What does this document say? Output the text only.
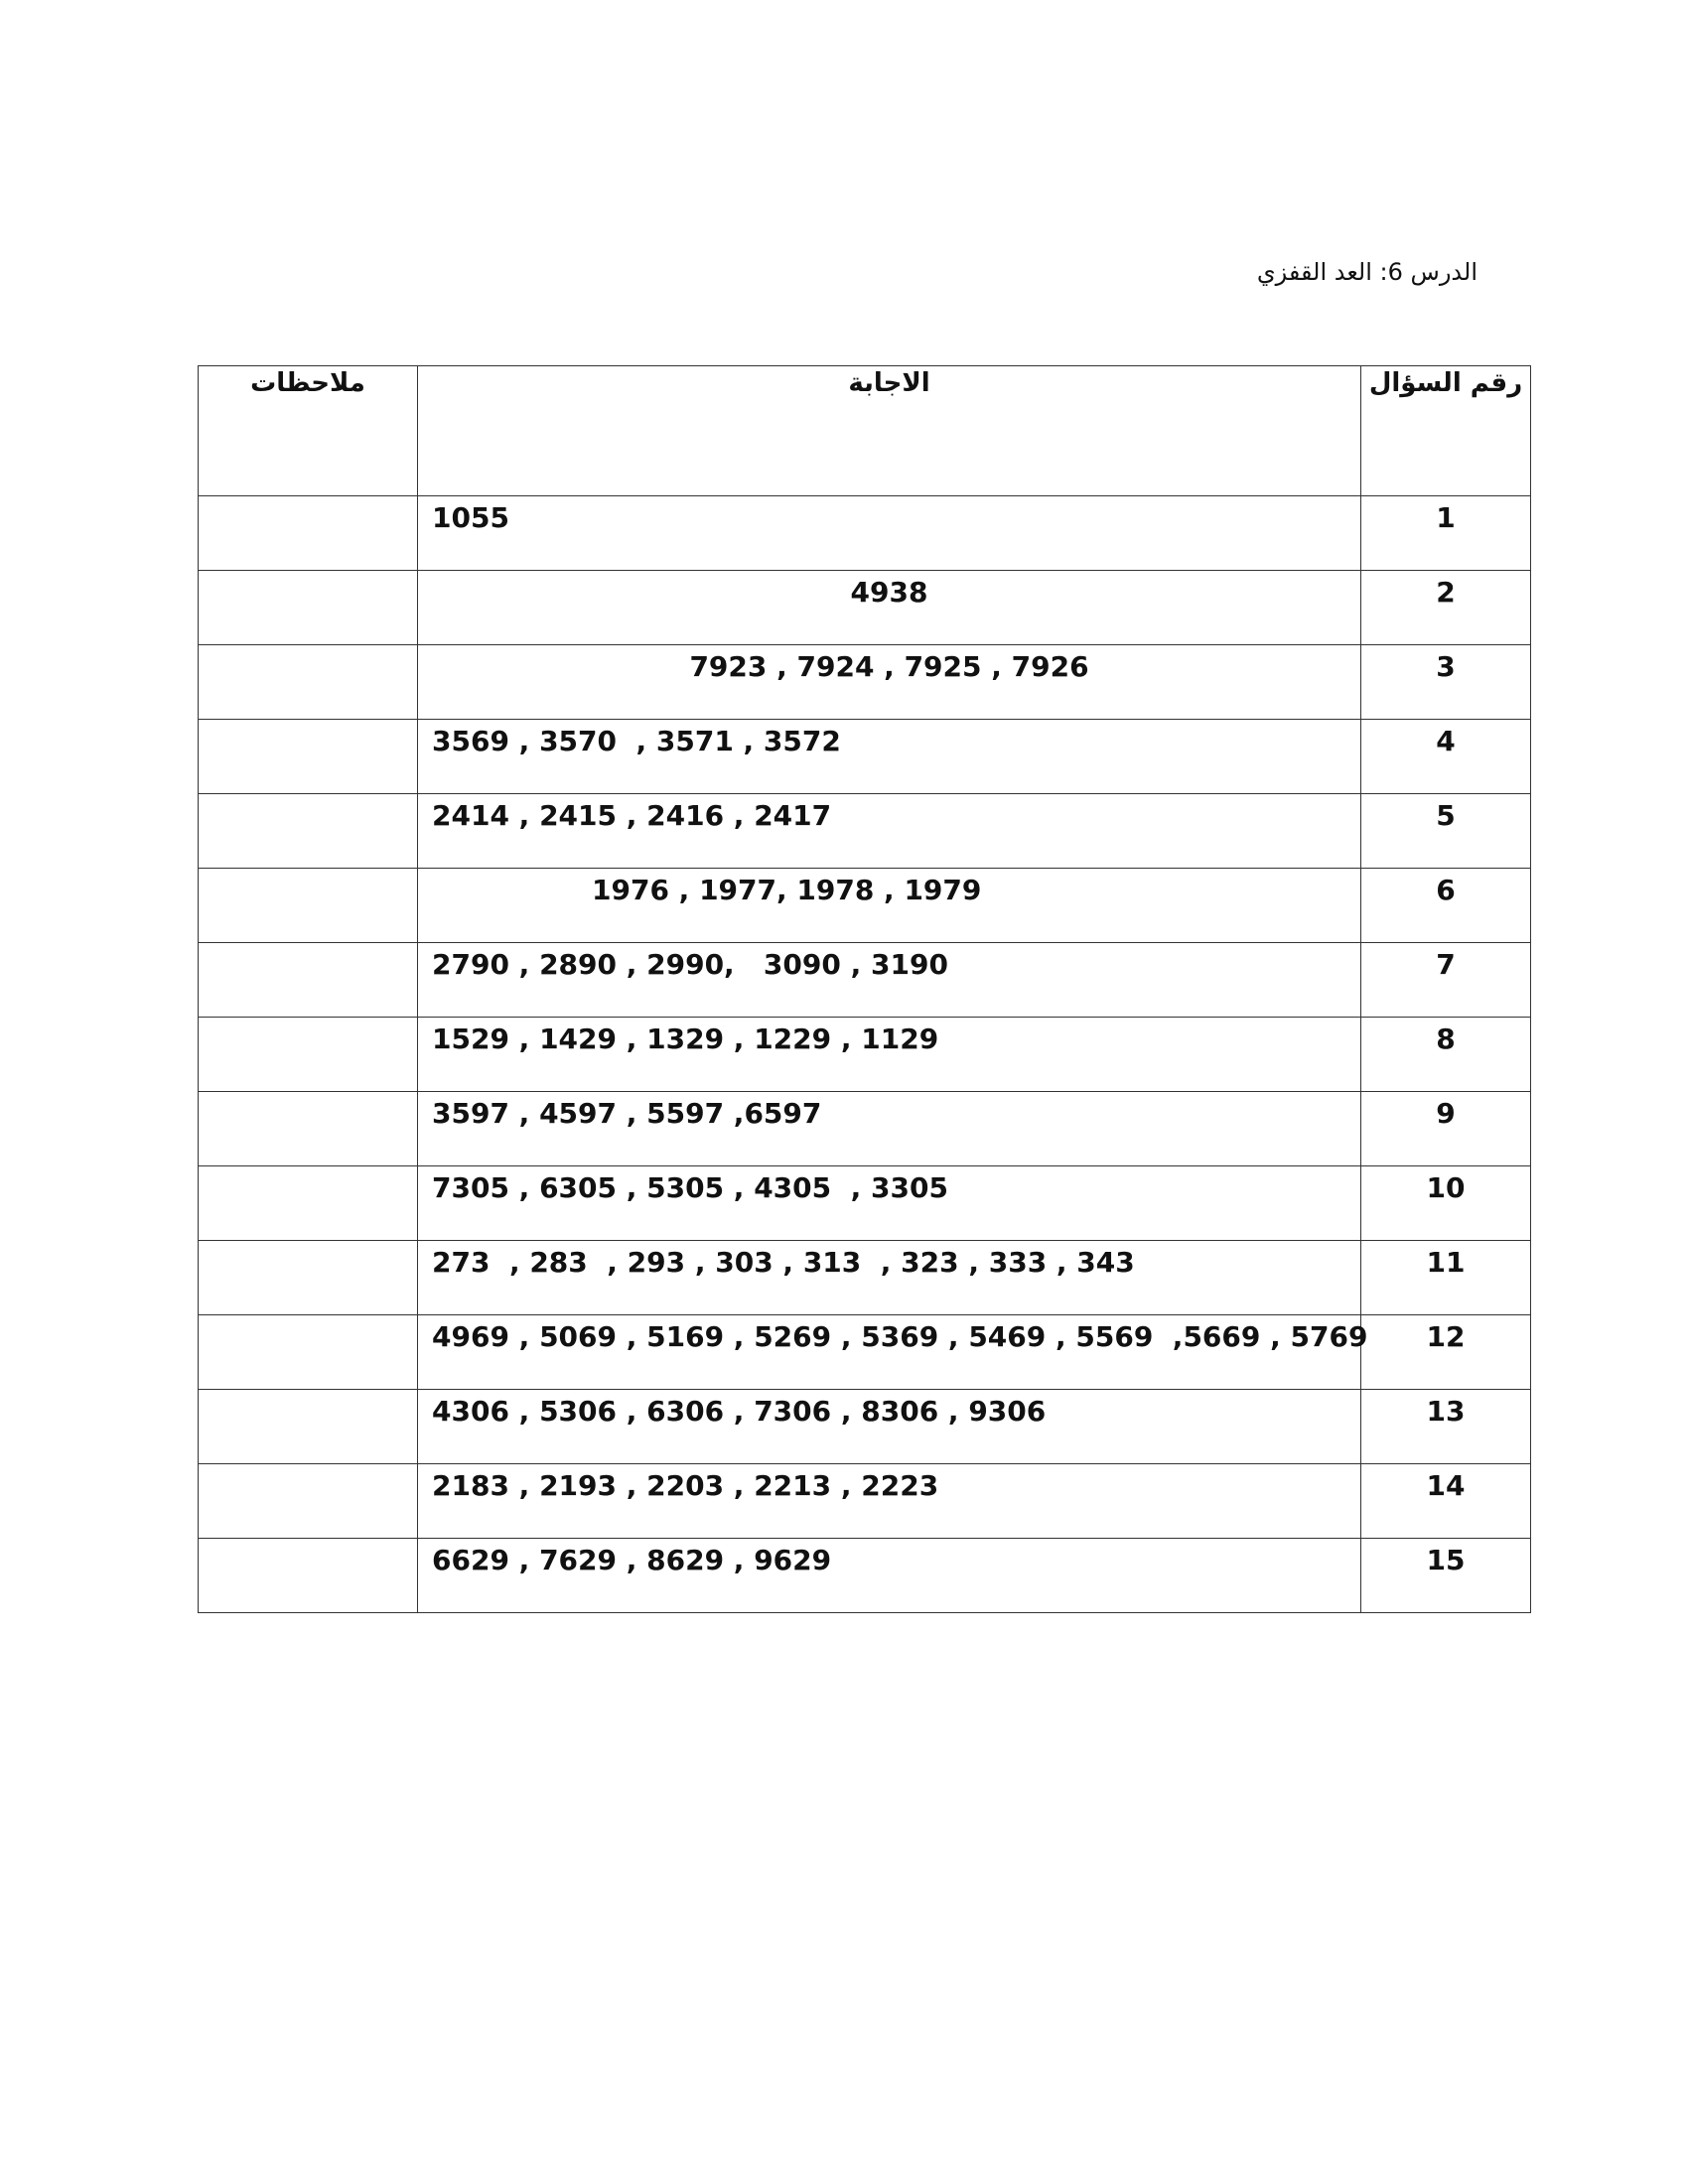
الدرس 6: العد القفزي
ملاحظات	الاجابة	رقم السؤال
	1055	1
	4938	2
	7923 , 7924 , 7925 , 7926	3
	3569 , 3570  , 3571 , 3572	4
	2414 , 2415 , 2416 , 2417	5
	1976 , 1977, 1978 , 1979	6
	2790 , 2890 , 2990,   3090 , 3190	7
	1529 , 1429 , 1329 , 1229 , 1129	8
	3597 , 4597 , 5597 ,6597	9
	7305 , 6305 , 5305 , 4305  , 3305	10
	273  , 283  , 293 , 303 , 313  , 323 , 333 , 343	11
	4969 , 5069 , 5169 , 5269 , 5369 , 5469 , 5569  ,5669 , 5769	12
	4306 , 5306 , 6306 , 7306 , 8306 , 9306	13
	2183 , 2193 , 2203 , 2213 , 2223	14
	6629 , 7629 , 8629 , 9629	15
